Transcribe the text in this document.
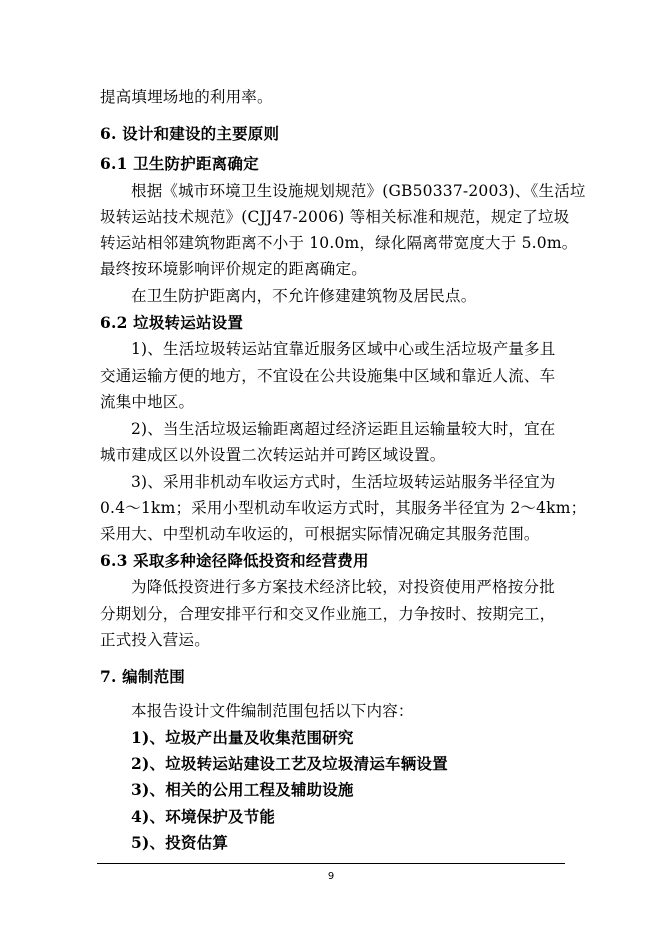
提高填埋场地的利用率。
6. 设计和建设的主要原则
6.1 卫生防护距离确定
根据《城市环境卫生设施规划规范》(GB50337-2003)、《生活垃
圾转运站技术规范》(CJJ47-2006) 等相关标准和规范，规定了垃圾
转运站相邻建筑物距离不小于 10.0m，绿化隔离带宽度大于 5.0m。
最终按环境影响评价规定的距离确定。
在卫生防护距离内，不允许修建建筑物及居民点。
6.2 垃圾转运站设置
1)、生活垃圾转运站宜靠近服务区域中心或生活垃圾产量多且
交通运输方便的地方，不宜设在公共设施集中区域和靠近人流、车
流集中地区。
2)、当生活垃圾运输距离超过经济运距且运输量较大时，宜在
城市建成区以外设置二次转运站并可跨区域设置。
3)、采用非机动车收运方式时，生活垃圾转运站服务半径宜为
0.4～1km；采用小型机动车收运方式时，其服务半径宜为 2～4km；
采用大、中型机动车收运的，可根据实际情况确定其服务范围。
6.3 采取多种途径降低投资和经营费用
为降低投资进行多方案技术经济比较，对投资使用严格按分批
分期划分，合理安排平行和交叉作业施工，力争按时、按期完工，
正式投入营运。
7. 编制范围
本报告设计文件编制范围包括以下内容：
1)、垃圾产出量及收集范围研究
2)、垃圾转运站建设工艺及垃圾清运车辆设置
3)、相关的公用工程及辅助设施
4)、环境保护及节能
5)、投资估算
9
